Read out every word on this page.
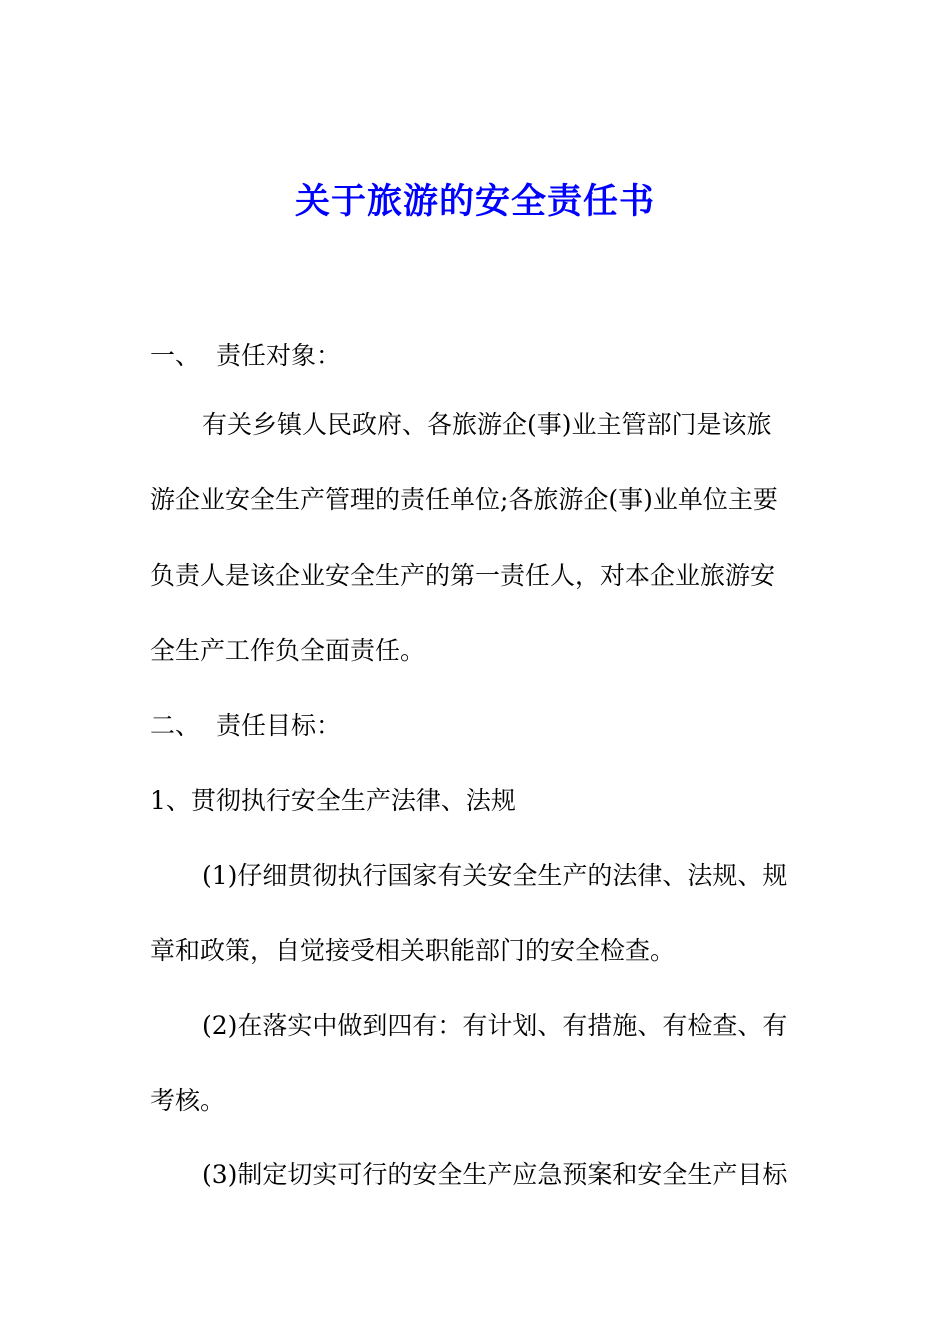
关于旅游的安全责任书

一、 责任对象：

有关乡镇人民政府、各旅游企(事)业主管部门是该旅

游企业安全生产管理的责任单位;各旅游企(事)业单位主要

负责人是该企业安全生产的第一责任人，对本企业旅游安

全生产工作负全面责任。

二、 责任目标：

1、贯彻执行安全生产法律、法规

(1)仔细贯彻执行国家有关安全生产的法律、法规、规

章和政策，自觉接受相关职能部门的安全检查。

(2)在落实中做到四有：有计划、有措施、有检查、有

考核。

(3)制定切实可行的安全生产应急预案和安全生产目标
